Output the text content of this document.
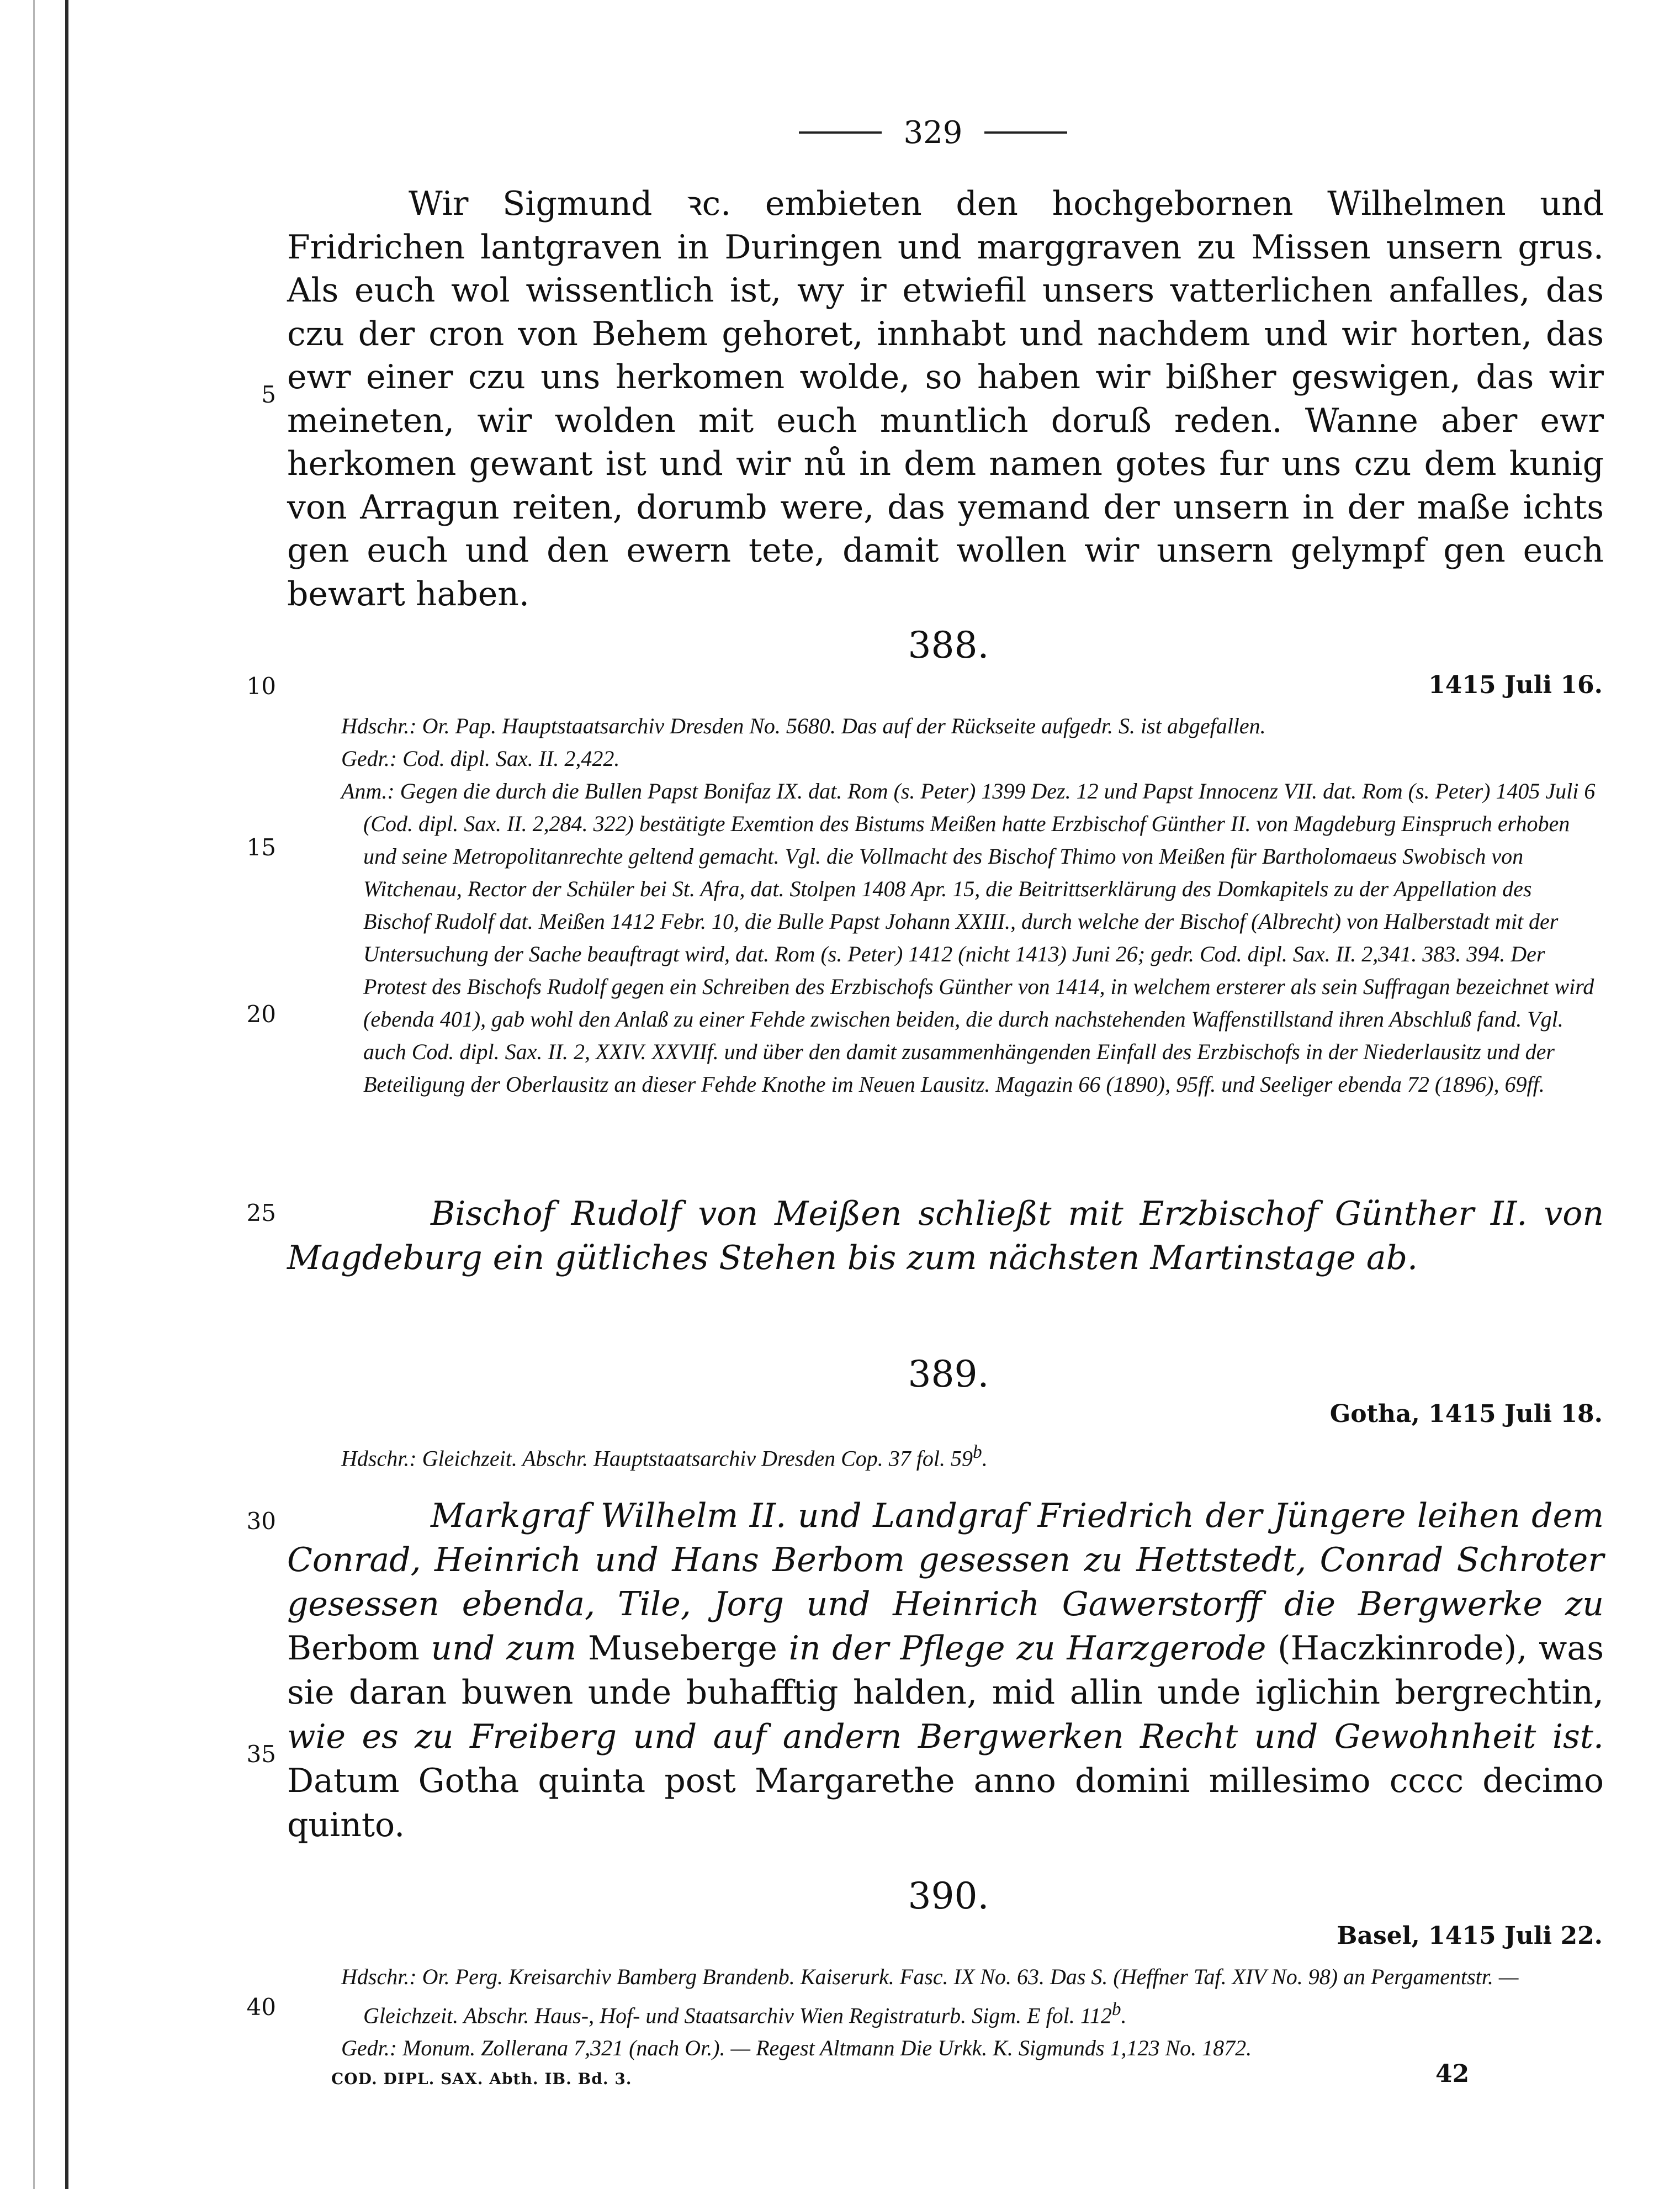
329

Wir Sigmund ꝛc. embieten den hochgebornen Wilhelmen und Fridrichen lantgraven in Duringen und marggraven zu Missen unsern grus. Als euch wol wissentlich ist, wy ir etwiefil unsers vatterlichen anfalles, das czu der cron von Behem gehoret, innhabt und nachdem und wir horten, das ewr einer czu uns herkomen wolde, so haben wir bißher geswigen, das wir meineten, wir wolden mit euch muntlich doruß reden. Wanne aber ewr herkomen gewant ist und wir nů in dem namen gotes fur uns czu dem kunig von Arragun reiten, dorumb were, das yemand der unsern in der maße ichts gen euch und den ewern tete, damit wollen wir unsern gelympf gen euch bewart haben.

388.
1415 Juli 16.
Hdschr.: Or. Pap. Hauptstaatsarchiv Dresden No. 5680. Das auf der Rückseite aufgedr. S. ist abgefallen.
Gedr.: Cod. dipl. Sax. II. 2,422.
Anm.: Gegen die durch die Bullen Papst Bonifaz IX. dat. Rom (s. Peter) 1399 Dez. 12 und Papst Innocenz VII. dat. Rom (s. Peter) 1405 Juli 6 (Cod. dipl. Sax. II. 2,284. 322) bestätigte Exemtion des Bistums Meißen hatte Erzbischof Günther II. von Magdeburg Einspruch erhoben und seine Metropolitanrechte geltend gemacht. Vgl. die Vollmacht des Bischof Thimo von Meißen für Bartholomaeus Swobisch von Witchenau, Rector der Schüler bei St. Afra, dat. Stolpen 1408 Apr. 15, die Beitrittserklärung des Domkapitels zu der Appellation des Bischof Rudolf dat. Meißen 1412 Febr. 10, die Bulle Papst Johann XXIII., durch welche der Bischof (Albrecht) von Halberstadt mit der Untersuchung der Sache beauftragt wird, dat. Rom (s. Peter) 1412 (nicht 1413) Juni 26; gedr. Cod. dipl. Sax. II. 2,341. 383. 394. Der Protest des Bischofs Rudolf gegen ein Schreiben des Erzbischofs Günther von 1414, in welchem ersterer als sein Suffragan bezeichnet wird (ebenda 401), gab wohl den Anlaß zu einer Fehde zwischen beiden, die durch nachstehenden Waffenstillstand ihren Abschluß fand. Vgl. auch Cod. dipl. Sax. II. 2, XXIV. XXVIIf. und über den damit zusammenhängenden Einfall des Erzbischofs in der Niederlausitz und der Beteiligung der Oberlausitz an dieser Fehde Knothe im Neuen Lausitz. Magazin 66 (1890), 95ff. und Seeliger ebenda 72 (1896), 69ff.

Bischof Rudolf von Meißen schließt mit Erzbischof Günther II. von Magdeburg ein gütliches Stehen bis zum nächsten Martinstage ab.

389.
Gotha, 1415 Juli 18.
Hdschr.: Gleichzeit. Abschr. Hauptstaatsarchiv Dresden Cop. 37 fol. 59$^b$.

Markgraf Wilhelm II. und Landgraf Friedrich der Jüngere leihen dem Conrad, Heinrich und Hans Berbom gesessen zu Hettstedt, Conrad Schroter gesessen ebenda, Tile, Jorg und Heinrich Gawerstorff die Bergwerke zu Berbom und zum Museberge in der Pflege zu Harzgerode (Haczkinrode), was sie daran buwen unde buhafftig halden, mid allin unde iglichin bergrechtin, wie es zu Freiberg und auf andern Bergwerken Recht und Gewohnheit ist. Datum Gotha quinta post Margarethe anno domini millesimo cccc decimo quinto.

390.
Basel, 1415 Juli 22.
Hdschr.: Or. Perg. Kreisarchiv Bamberg Brandenb. Kaiserurk. Fasc. IX No. 63. Das S. (Heffner Taf. XIV No. 98) an Pergamentstr. — Gleichzeit. Abschr. Haus-, Hof- und Staatsarchiv Wien Registraturb. Sigm. E fol. 112$^b$.
Gedr.: Monum. Zollerana 7,321 (nach Or.). — Regest Altmann Die Urkk. K. Sigmunds 1,123 No. 1872.
5
10
15
20
25
30
35
40
COD. DIPL. SAX. Abth. IB. Bd. 3.	42
